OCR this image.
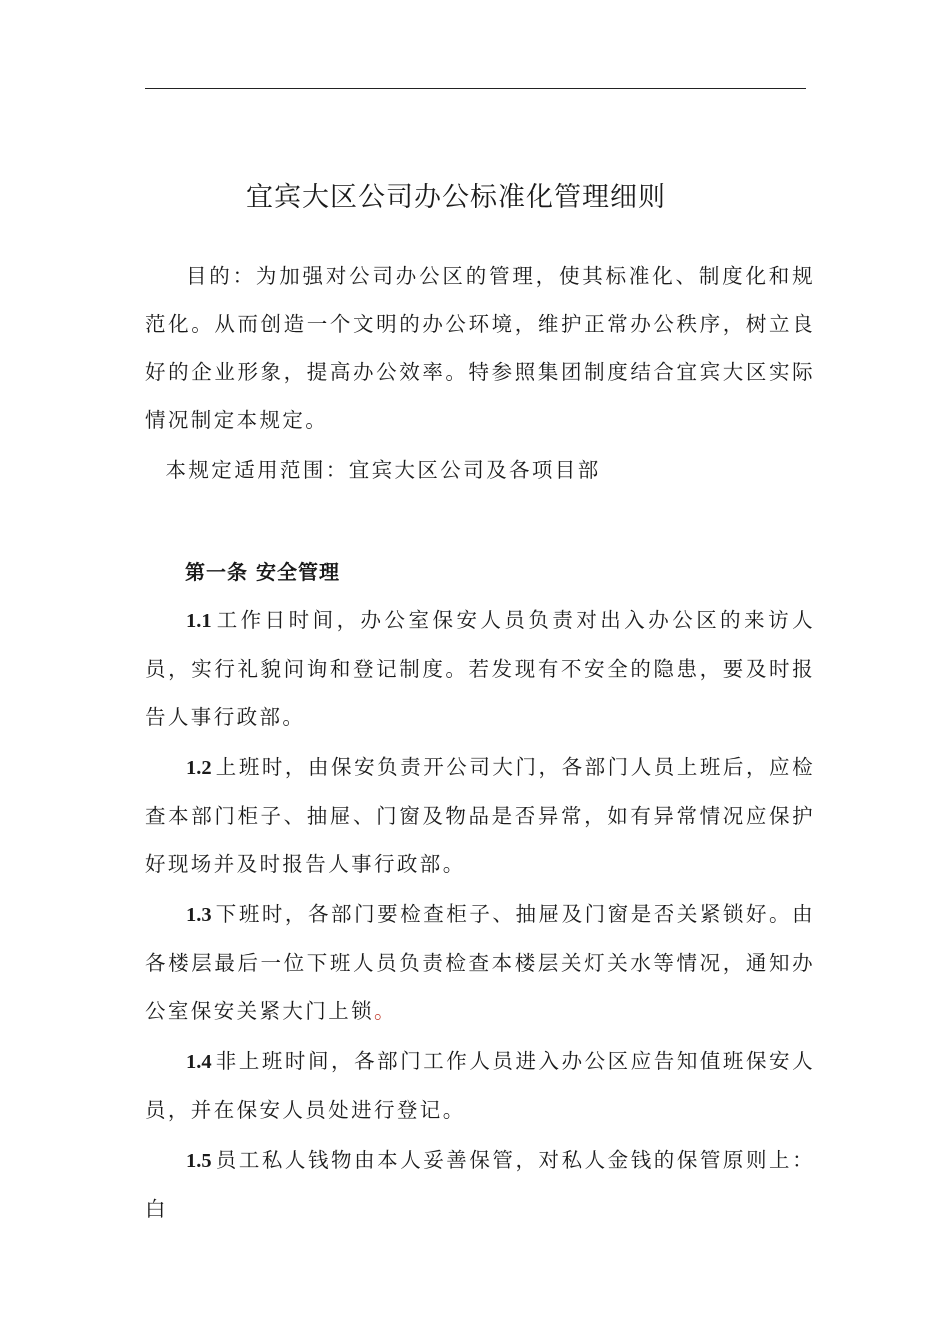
宜宾大区公司办公标准化管理细则

目的：为加强对公司办公区的管理，使其标准化、制度化和规范化。从而创造一个文明的办公环境，维护正常办公秩序，树立良好的企业形象，提高办公效率。特参照集团制度结合宜宾大区实际情况制定本规定。

本规定适用范围：宜宾大区公司及各项目部

第一条 安全管理

1.1 工作日时间，办公室保安人员负责对出入办公区的来访人员，实行礼貌问询和登记制度。若发现有不安全的隐患，要及时报告人事行政部。

1.2 上班时，由保安负责开公司大门，各部门人员上班后，应检查本部门柜子、抽屉、门窗及物品是否异常，如有异常情况应保护好现场并及时报告人事行政部。

1.3 下班时，各部门要检查柜子、抽屉及门窗是否关紧锁好。由各楼层最后一位下班人员负责检查本楼层关灯关水等情况，通知办公室保安关紧大门上锁。

1.4 非上班时间，各部门工作人员进入办公区应告知值班保安人员，并在保安人员处进行登记。

1.5 员工私人钱物由本人妥善保管，对私人金钱的保管原则上：白
